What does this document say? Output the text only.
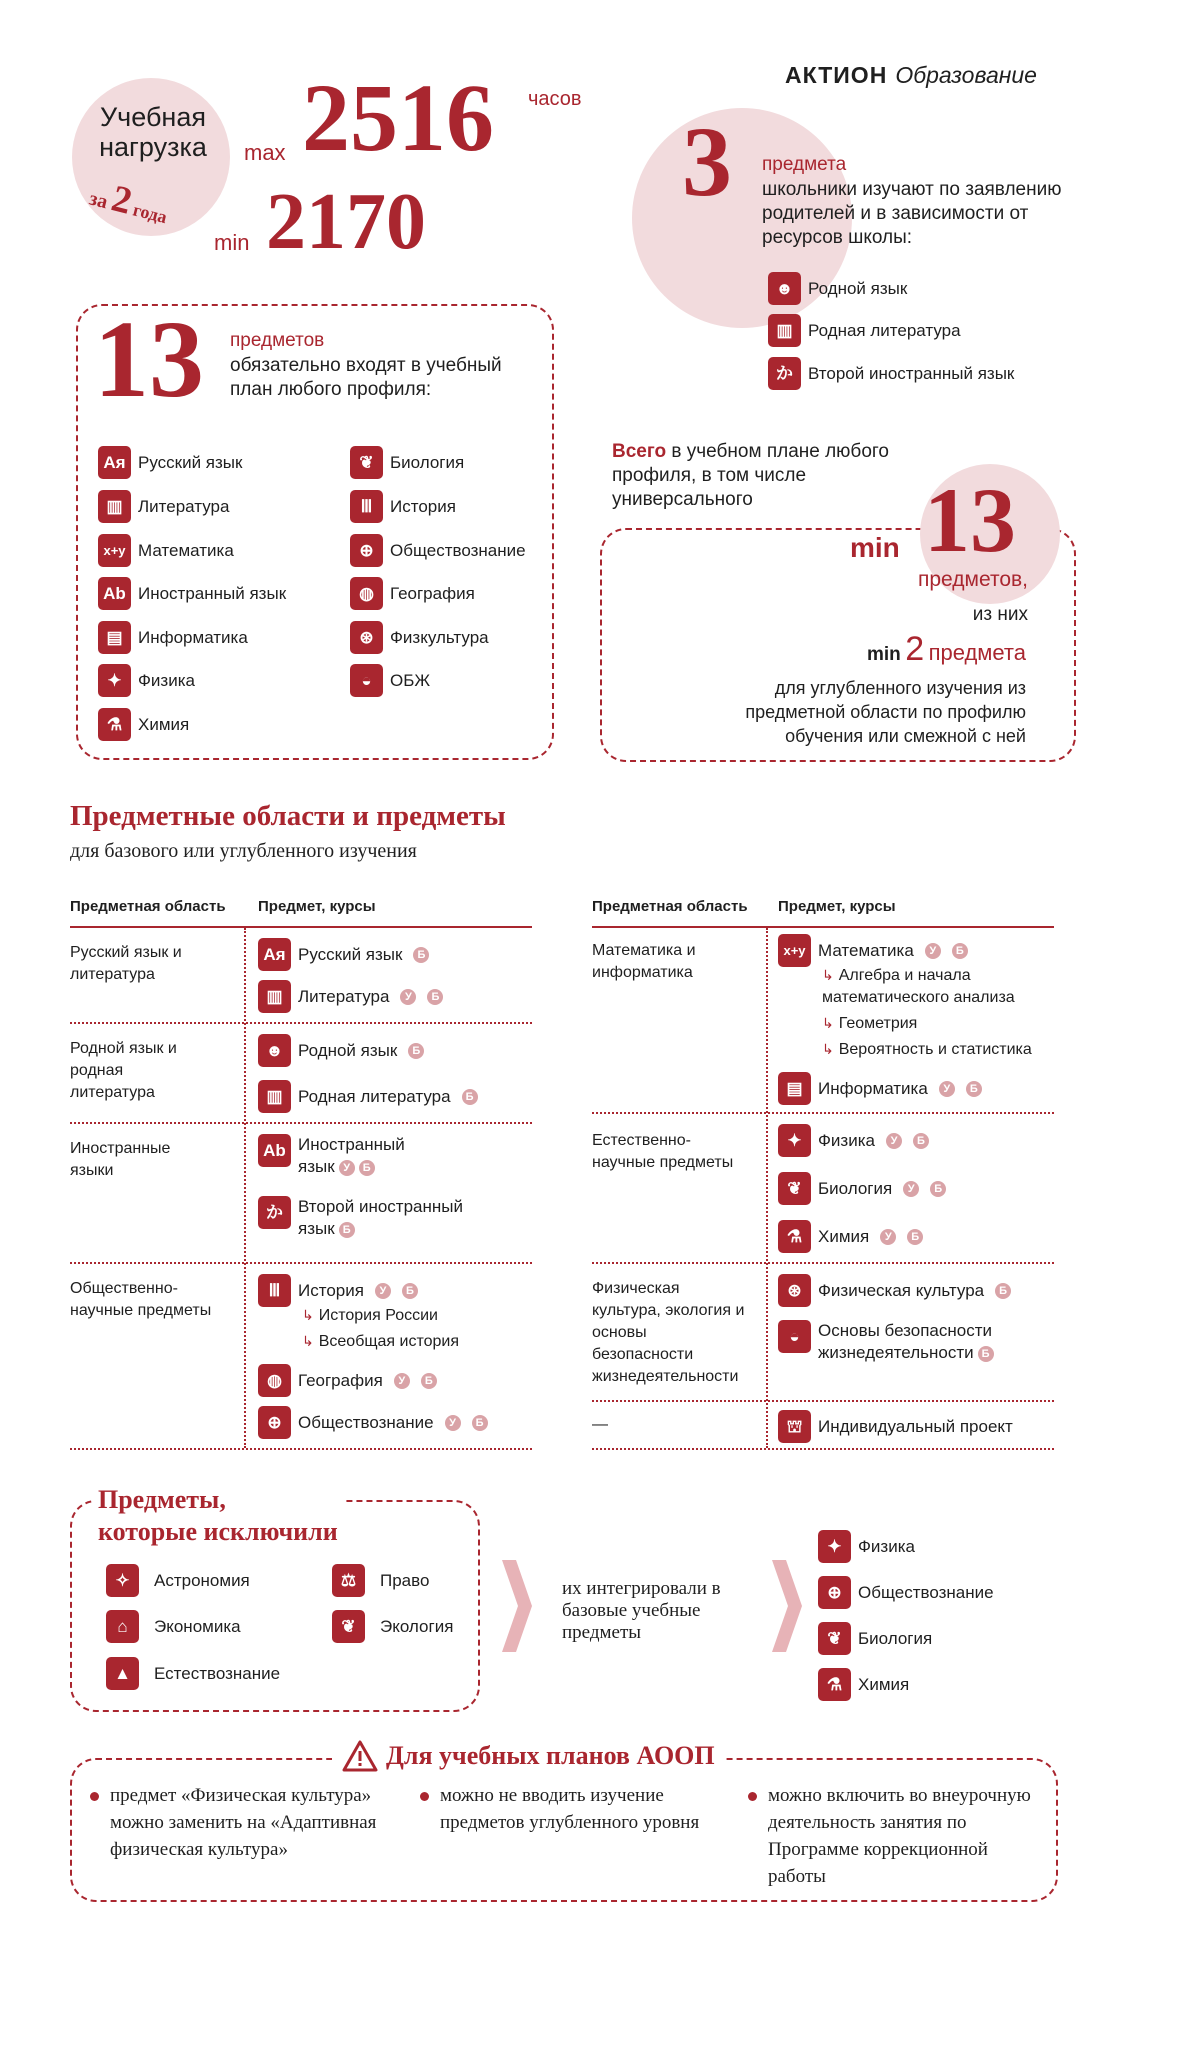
АКТИОН Образование
Учебная нагрузка
за 2 года
max 2516 часов
min 2170
3 предмета
школьники изучают по заявлению родителей и в зависимости от ресурсов школы:
☻ Родной язык
▥ Родная литература
か Второй иностранный язык
13 предметов
обязательно входят в учебный план любого профиля:
Ая Русский язык
▥ Литература
x+y Математика
Ab Иностранный язык
▤ Информатика
✦ Физика
⚗ Химия
❦ Биология
Ⅲ	История
⊕ Обществознание
◍ География
⊛ Физкультура
◒	ОБЖ
Всего в учебном плане любого профиля, в том числе универсального
min 13
предметов,
из них
min 2 предмета
для углубленного изучения из предметной области по профилю обучения или смежной с ней
Предметные области и предметы
для базового или углубленного изучения
Предметная область Предмет, курсы
Русский язык и литература
Ая Русский язык	Б
▥ Литература	У	Б
Родной язык и родная литература
☻ Родной язык	Б
▥ Родная литература	Б
Иностранные языки
Ab Иностранный язык У Б
か Второй иностранный язык Б
Общественно-научные предметы
Ⅲ	История	У	Б
↳ История России
↳ Всеобщая история
◍ География	У	Б
⊕ Обществознание	У	Б
Предметная область Предмет, курсы
Математика и информатика
x+y Математика	У	Б
↳ Алгебра и начала математического анализа
↳ Геометрия
↳ Вероятность и статистика
▤ Информатика	У	Б
Естественно-научные предметы
✦ Физика	У	Б
❦ Биология	У	Б
⚗ Химия	У	Б
Физическая культура, экология и основы безопасности жизнедеятельности
⊛ Физическая культура	Б
◒	Основы безопасности жизнедеятельности Б
—	⛫ Индивидуальный проект
Предметы,
которые исключили
✧	Астрономия
⌂	Экономика
▲	Естествознание
⚖	Право
❦	Экология
их интегрировали в базовые учебные предметы
✦ Физика
⊕ Обществознание
❦ Биология
⚗ Химия
Для учебных планов АООП
предмет «Физическая культура» можно заменить на «Адаптивная физическая культура»
можно не вводить изучение предметов углубленного уровня
можно включить во внеурочную деятельность занятия по Программе коррекционной работы
